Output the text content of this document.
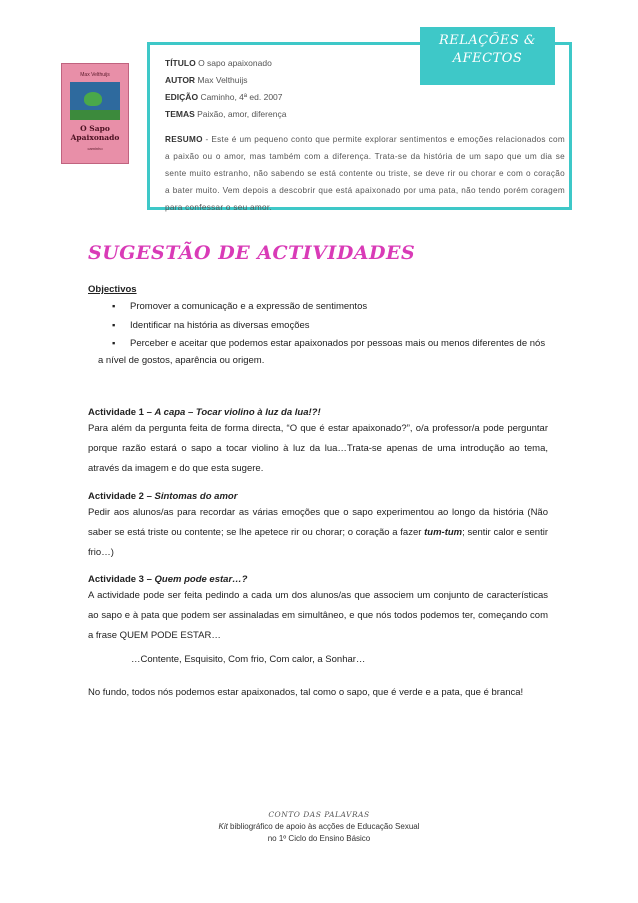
RELAÇÕES &
AFECTOS
Max Velthuijs
O Sapo Apaixonado
caminho
TÍTULO O sapo apaixonado
AUTOR Max Velthuijs
EDIÇÃO Caminho, 4ª ed. 2007
TEMAS Paixão, amor, diferença
RESUMO - Este é um pequeno conto que permite explorar sentimentos e emoções relacionados com a paixão ou o amor, mas também com a diferença. Trata-se da história de um sapo que um dia se sente muito estranho, não sabendo se está contente ou triste, se deve rir ou chorar e com o coração a bater muito. Vem depois a descobrir que está apaixonado por uma pata, não tendo porém coragem para confessar o seu amor.
SUGESTÃO DE ACTIVIDADES
Objectivos
▪ Promover a comunicação e a expressão de sentimentos
▪ Identificar na história as diversas emoções
▪ Perceber e aceitar que podemos estar apaixonados por pessoas mais ou menos diferentes de nós
a nível de gostos, aparência ou origem.
Actividade 1 – A capa – Tocar violino à luz da lua!?!
Para além da pergunta feita de forma directa, “O que é estar apaixonado?”, o/a professor/a pode perguntar porque razão estará o sapo a tocar violino à luz da lua…Trata-se apenas de uma introdução ao tema, através da imagem e do que esta sugere.
Actividade 2 – Sintomas do amor
Pedir aos alunos/as para recordar as várias emoções que o sapo experimentou ao longo da história (Não saber se está triste ou contente; se lhe apetece rir ou chorar; o coração a fazer tum-tum; sentir calor e sentir frio…)
Actividade 3 – Quem pode estar…?
A actividade pode ser feita pedindo a cada um dos alunos/as que associem um conjunto de características ao sapo e à pata que podem ser assinaladas em simultâneo, e que nós todos podemos ter, começando com a frase QUEM PODE ESTAR…
…Contente, Esquisito, Com frio, Com calor, a Sonhar…
No fundo, todos nós podemos estar apaixonados, tal como o sapo, que é verde e a pata, que é branca!
CONTO DAS PALAVRAS
Kit bibliográfico de apoio às acções de Educação Sexual
no 1º Ciclo do Ensino Básico
